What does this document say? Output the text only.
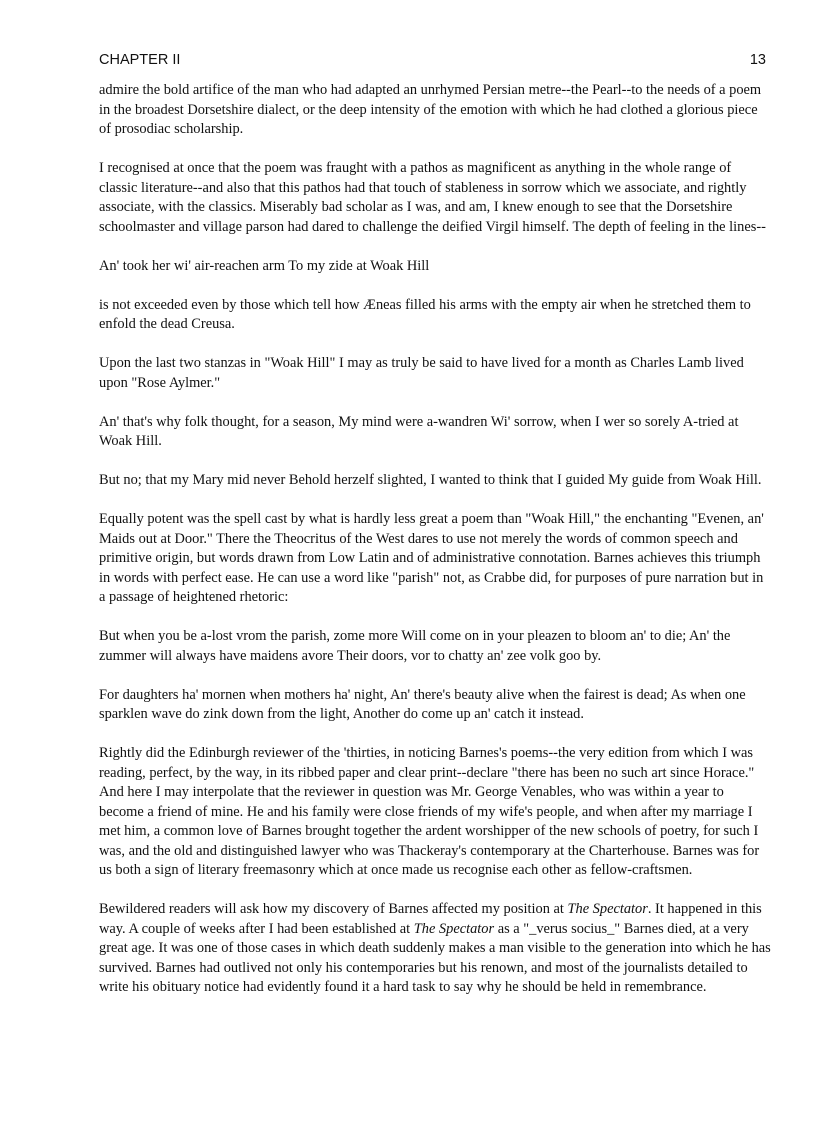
CHAPTER II	13

admire the bold artifice of the man who had adapted an unrhymed Persian metre--the Pearl--to the needs of a poem in the broadest Dorsetshire dialect, or the deep intensity of the emotion with which he had clothed a glorious piece of prosodiac scholarship.

I recognised at once that the poem was fraught with a pathos as magnificent as anything in the whole range of classic literature--and also that this pathos had that touch of stableness in sorrow which we associate, and rightly associate, with the classics. Miserably bad scholar as I was, and am, I knew enough to see that the Dorsetshire schoolmaster and village parson had dared to challenge the deified Virgil himself. The depth of feeling in the lines--

An' took her wi' air-reachen arm To my zide at Woak Hill

is not exceeded even by those which tell how Æneas filled his arms with the empty air when he stretched them to enfold the dead Creusa.

Upon the last two stanzas in "Woak Hill" I may as truly be said to have lived for a month as Charles Lamb lived upon "Rose Aylmer."

An' that's why folk thought, for a season, My mind were a-wandren Wi' sorrow, when I wer so sorely A-tried at Woak Hill.

But no; that my Mary mid never Behold herzelf slighted, I wanted to think that I guided My guide from Woak Hill.

Equally potent was the spell cast by what is hardly less great a poem than "Woak Hill," the enchanting "Evenen, an' Maids out at Door." There the Theocritus of the West dares to use not merely the words of common speech and primitive origin, but words drawn from Low Latin and of administrative connotation. Barnes achieves this triumph in words with perfect ease. He can use a word like "parish" not, as Crabbe did, for purposes of pure narration but in a passage of heightened rhetoric:

But when you be a-lost vrom the parish, zome more Will come on in your pleazen to bloom an' to die; An' the zummer will always have maidens avore Their doors, vor to chatty an' zee volk goo by.

For daughters ha' mornen when mothers ha' night, An' there's beauty alive when the fairest is dead; As when one sparklen wave do zink down from the light, Another do come up an' catch it instead.

Rightly did the Edinburgh reviewer of the 'thirties, in noticing Barnes's poems--the very edition from which I was reading, perfect, by the way, in its ribbed paper and clear print--declare "there has been no such art since Horace." And here I may interpolate that the reviewer in question was Mr. George Venables, who was within a year to become a friend of mine. He and his family were close friends of my wife's people, and when after my marriage I met him, a common love of Barnes brought together the ardent worshipper of the new schools of poetry, for such I was, and the old and distinguished lawyer who was Thackeray's contemporary at the Charterhouse. Barnes was for us both a sign of literary freemasonry which at once made us recognise each other as fellow-craftsmen.

Bewildered readers will ask how my discovery of Barnes affected my position at The Spectator. It happened in this way. A couple of weeks after I had been established at The Spectator as a "_verus socius_" Barnes died, at a very great age. It was one of those cases in which death suddenly makes a man visible to the generation into which he has survived. Barnes had outlived not only his contemporaries but his renown, and most of the journalists detailed to write his obituary notice had evidently found it a hard task to say why he should be held in remembrance.
